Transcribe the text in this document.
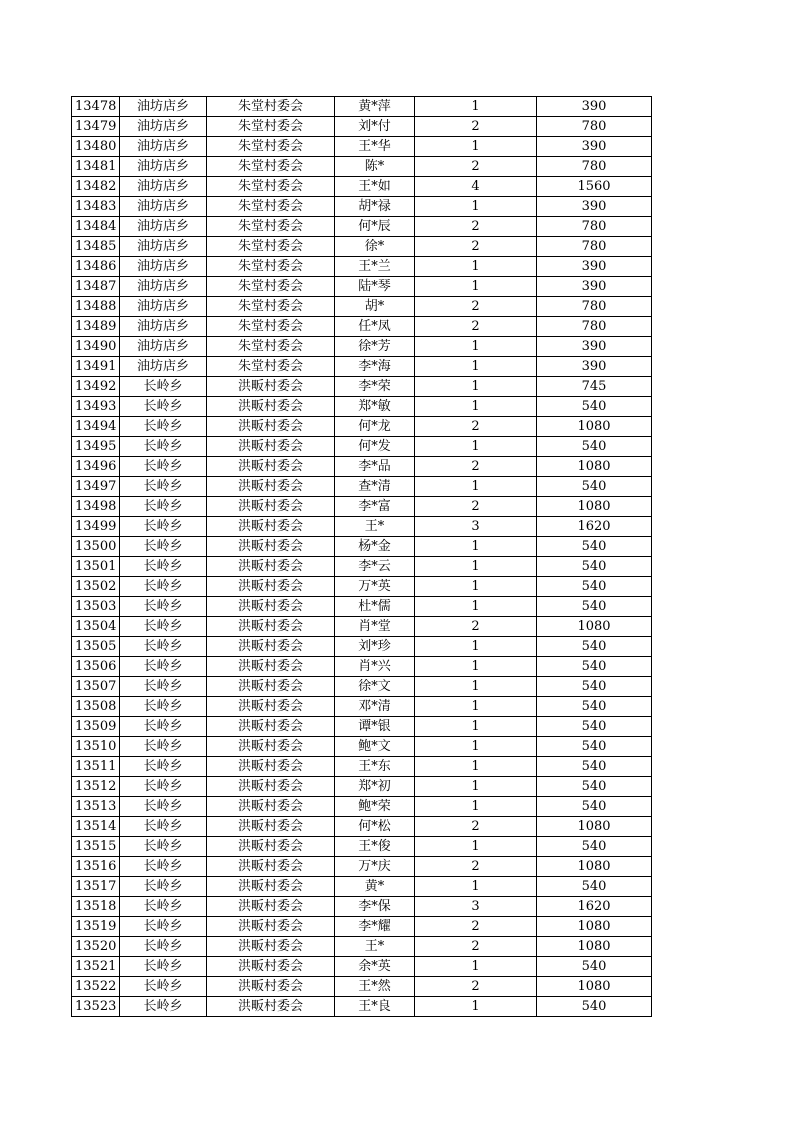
13478	油坊店乡	朱堂村委会	黄*萍	1	390
13479	油坊店乡	朱堂村委会	刘*付	2	780
13480	油坊店乡	朱堂村委会	王*华	1	390
13481	油坊店乡	朱堂村委会	陈*	2	780
13482	油坊店乡	朱堂村委会	王*如	4	1560
13483	油坊店乡	朱堂村委会	胡*禄	1	390
13484	油坊店乡	朱堂村委会	何*辰	2	780
13485	油坊店乡	朱堂村委会	徐*	2	780
13486	油坊店乡	朱堂村委会	王*兰	1	390
13487	油坊店乡	朱堂村委会	陆*琴	1	390
13488	油坊店乡	朱堂村委会	胡*	2	780
13489	油坊店乡	朱堂村委会	任*凤	2	780
13490	油坊店乡	朱堂村委会	徐*芳	1	390
13491	油坊店乡	朱堂村委会	李*海	1	390
13492	长岭乡	洪畈村委会	李*荣	1	745
13493	长岭乡	洪畈村委会	郑*敏	1	540
13494	长岭乡	洪畈村委会	何*龙	2	1080
13495	长岭乡	洪畈村委会	何*发	1	540
13496	长岭乡	洪畈村委会	李*品	2	1080
13497	长岭乡	洪畈村委会	查*清	1	540
13498	长岭乡	洪畈村委会	李*富	2	1080
13499	长岭乡	洪畈村委会	王*	3	1620
13500	长岭乡	洪畈村委会	杨*金	1	540
13501	长岭乡	洪畈村委会	李*云	1	540
13502	长岭乡	洪畈村委会	万*英	1	540
13503	长岭乡	洪畈村委会	杜*儒	1	540
13504	长岭乡	洪畈村委会	肖*堂	2	1080
13505	长岭乡	洪畈村委会	刘*珍	1	540
13506	长岭乡	洪畈村委会	肖*兴	1	540
13507	长岭乡	洪畈村委会	徐*文	1	540
13508	长岭乡	洪畈村委会	邓*清	1	540
13509	长岭乡	洪畈村委会	谭*银	1	540
13510	长岭乡	洪畈村委会	鲍*文	1	540
13511	长岭乡	洪畈村委会	王*东	1	540
13512	长岭乡	洪畈村委会	郑*初	1	540
13513	长岭乡	洪畈村委会	鲍*荣	1	540
13514	长岭乡	洪畈村委会	何*松	2	1080
13515	长岭乡	洪畈村委会	王*俊	1	540
13516	长岭乡	洪畈村委会	万*庆	2	1080
13517	长岭乡	洪畈村委会	黄*	1	540
13518	长岭乡	洪畈村委会	李*保	3	1620
13519	长岭乡	洪畈村委会	李*耀	2	1080
13520	长岭乡	洪畈村委会	王*	2	1080
13521	长岭乡	洪畈村委会	余*英	1	540
13522	长岭乡	洪畈村委会	王*然	2	1080
13523	长岭乡	洪畈村委会	王*良	1	540
